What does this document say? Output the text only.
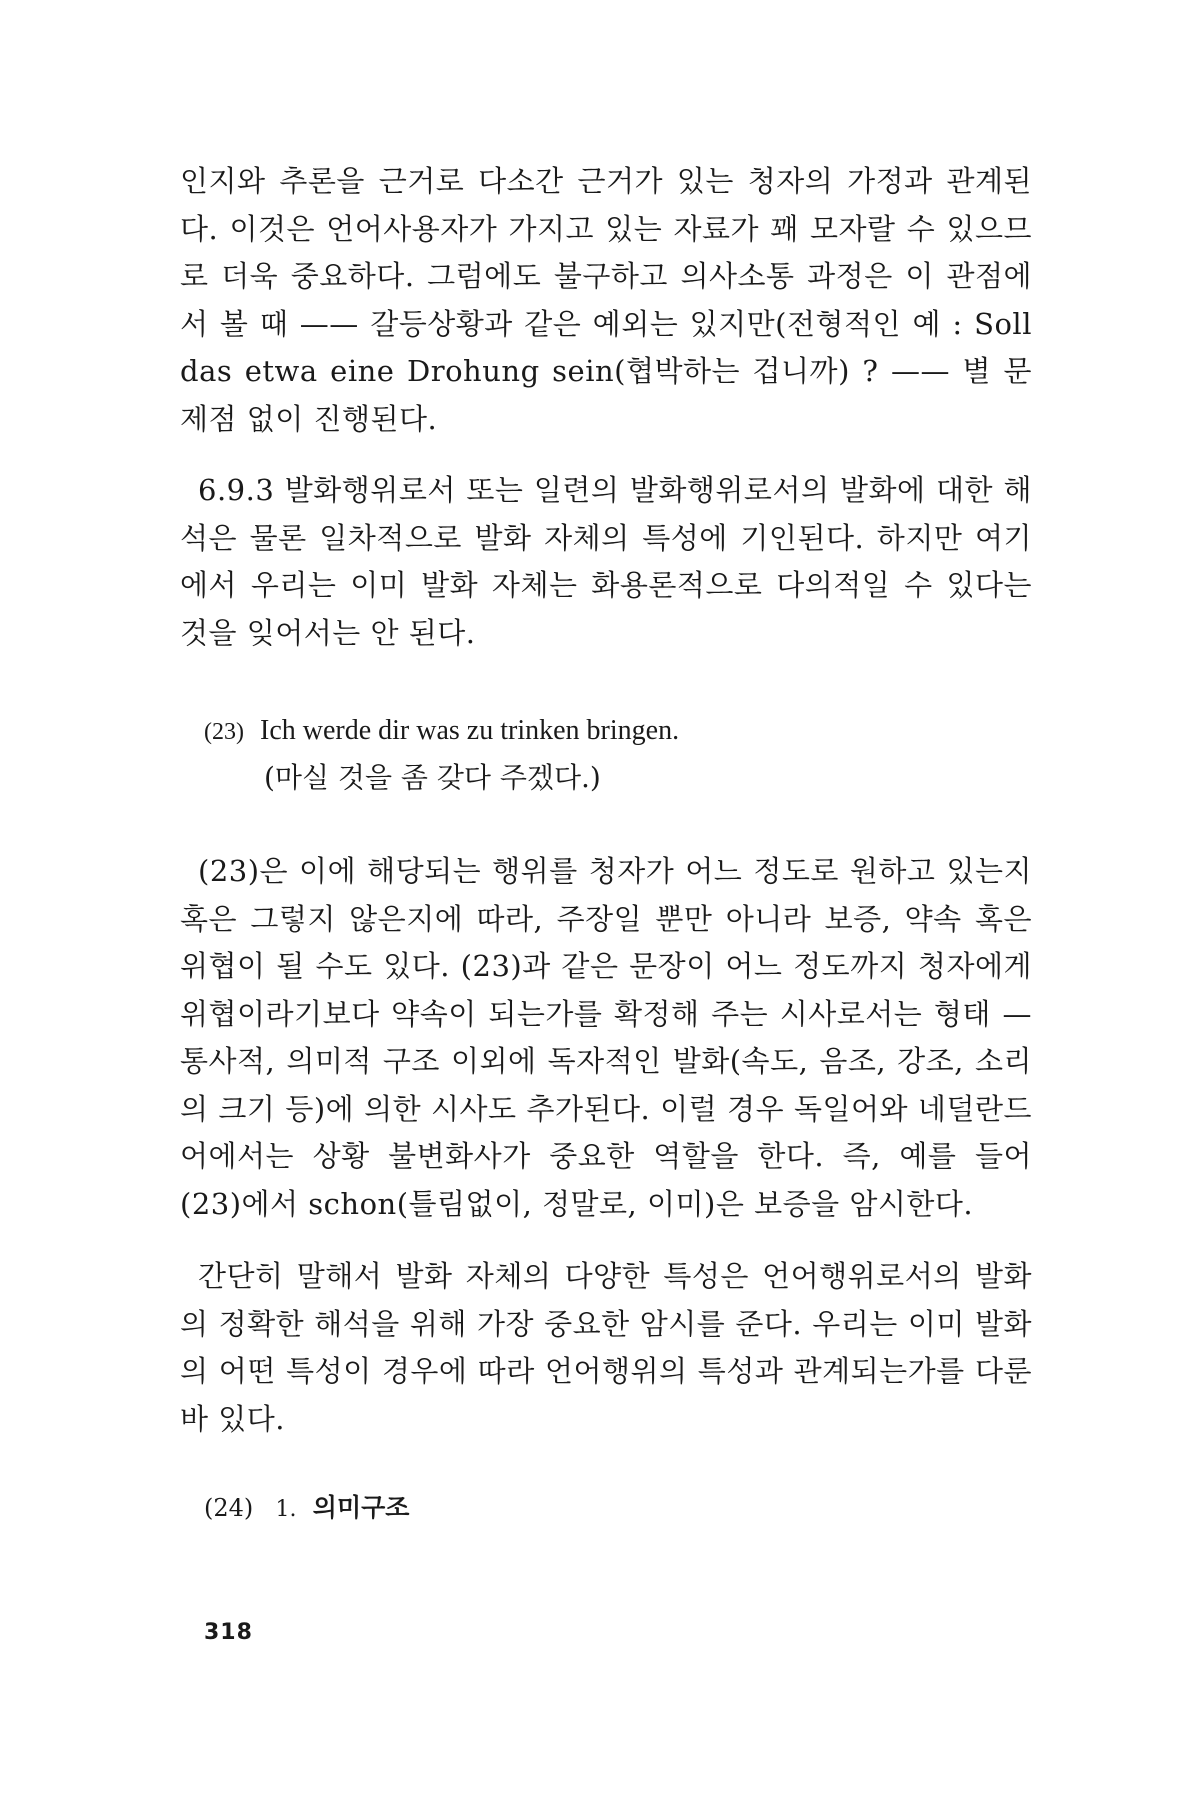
인지와 추론을 근거로 다소간 근거가 있는 청자의 가정과 관계된다. 이것은 언어사용자가 가지고 있는 자료가 꽤 모자랄 수 있으므로 더욱 중요하다. 그럼에도 불구하고 의사소통 과정은 이 관점에서 볼 때 —— 갈등상황과 같은 예외는 있지만(전형적인 예 : Soll das etwa eine Drohung sein(협박하는 겁니까) ? —— 별 문제점 없이 진행된다.

6.9.3 발화행위로서 또는 일련의 발화행위로서의 발화에 대한 해석은 물론 일차적으로 발화 자체의 특성에 기인된다. 하지만 여기에서 우리는 이미 발화 자체는 화용론적으로 다의적일 수 있다는 것을 잊어서는 안 된다.

(23) Ich werde dir was zu trinken bringen.
(마실 것을 좀 갖다 주겠다.)

(23)은 이에 해당되는 행위를 청자가 어느 정도로 원하고 있는지 혹은 그렇지 않은지에 따라, 주장일 뿐만 아니라 보증, 약속 혹은 위협이 될 수도 있다. (23)과 같은 문장이 어느 정도까지 청자에게 위협이라기보다 약속이 되는가를 확정해 주는 시사로서는 형태 — 통사적, 의미적 구조 이외에 독자적인 발화(속도, 음조, 강조, 소리의 크기 등)에 의한 시사도 추가된다. 이럴 경우 독일어와 네덜란드어에서는 상황 불변화사가 중요한 역할을 한다. 즉, 예를 들어 (23)에서 schon(틀림없이, 정말로, 이미)은 보증을 암시한다.

간단히 말해서 발화 자체의 다양한 특성은 언어행위로서의 발화의 정확한 해석을 위해 가장 중요한 암시를 준다. 우리는 이미 발화의 어떤 특성이 경우에 따라 언어행위의 특성과 관계되는가를 다룬 바 있다.

(24) 1. 의미구조
318
